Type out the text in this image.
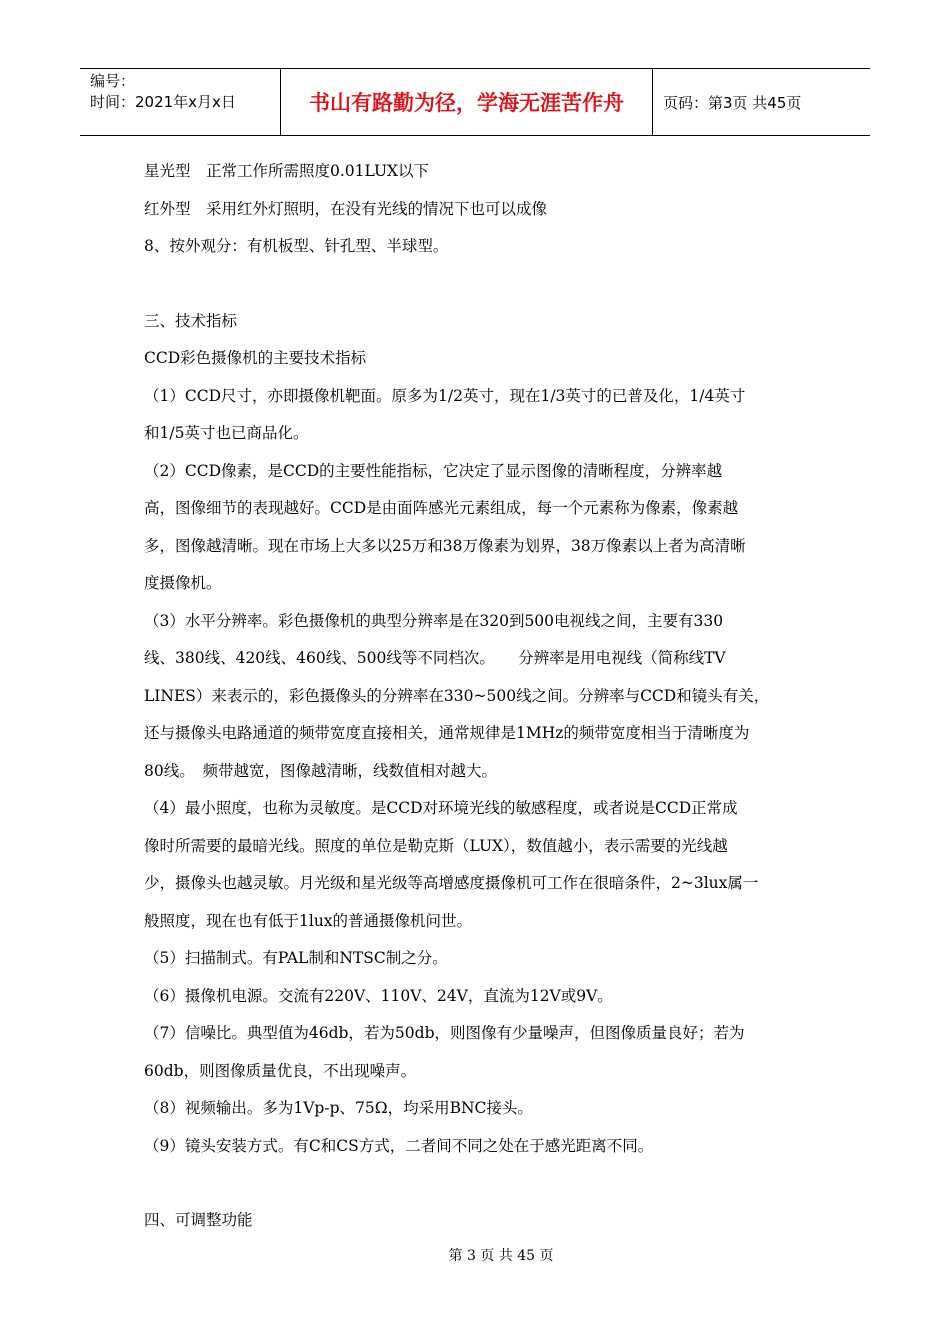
编号：
时间：2021年x月x日	书山有路勤为径，学海无涯苦作舟	页码：第3页 共45页

星光型　正常工作所需照度0.01LUX以下

红外型　采用红外灯照明，在没有光线的情况下也可以成像

8、按外观分：有机板型、针孔型、半球型。

三、技术指标

CCD彩色摄像机的主要技术指标

（1）CCD尺寸，亦即摄像机靶面。原多为1/2英寸，现在1/3英寸的已普及化，1/4英寸

和1/5英寸也已商品化。

（2）CCD像素，是CCD的主要性能指标，它决定了显示图像的清晰程度，分辨率越

高，图像细节的表现越好。CCD是由面阵感光元素组成，每一个元素称为像素，像素越

多，图像越清晰。现在市场上大多以25万和38万像素为划界，38万像素以上者为高清晰

度摄像机。

（3）水平分辨率。彩色摄像机的典型分辨率是在320到500电视线之间，主要有330

线、380线、420线、460线、500线等不同档次。　　分辨率是用电视线（简称线TV

LINES）来表示的，彩色摄像头的分辨率在330~500线之间。分辨率与CCD和镜头有关，

还与摄像头电路通道的频带宽度直接相关，通常规律是1MHz的频带宽度相当于清晰度为

80线。　频带越宽，图像越清晰，线数值相对越大。

（4）最小照度，也称为灵敏度。是CCD对环境光线的敏感程度，或者说是CCD正常成

像时所需要的最暗光线。照度的单位是勒克斯（LUX），数值越小，表示需要的光线越

少，摄像头也越灵敏。月光级和星光级等高增感度摄像机可工作在很暗条件，2~3lux属一

般照度，现在也有低于1lux的普通摄像机问世。

（5）扫描制式。有PAL制和NTSC制之分。

（6）摄像机电源。交流有220V、110V、24V，直流为12V或9V。

（7）信噪比。典型值为46db，若为50db，则图像有少量噪声，但图像质量良好；若为

60db，则图像质量优良，不出现噪声。

（8）视频输出。多为1Vp-p、75Ω，均采用BNC接头。

（9）镜头安装方式。有C和CS方式，二者间不同之处在于感光距离不同。

四、可调整功能

第 3 页 共 45 页
